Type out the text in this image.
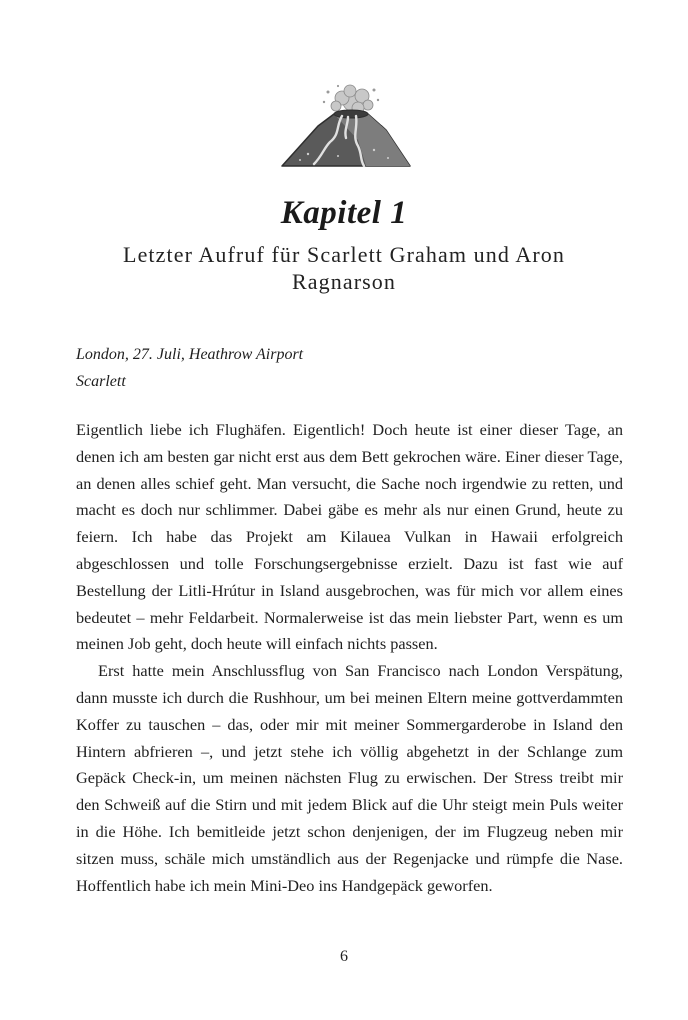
Kapitel 1
Letzter Aufruf für Scarlett Graham und Aron Ragnarson
London, 27. Juli, Heathrow Airport
Scarlett

Eigentlich liebe ich Flughäfen. Eigentlich! Doch heute ist einer dieser Tage, an denen ich am besten gar nicht erst aus dem Bett gekrochen wäre. Einer dieser Tage, an denen alles schief geht. Man versucht, die Sache noch irgendwie zu retten, und macht es doch nur schlimmer. Dabei gäbe es mehr als nur einen Grund, heute zu feiern. Ich habe das Projekt am Kilauea Vulkan in Hawaii erfolgreich abgeschlossen und tolle Forschungsergebnisse erzielt. Dazu ist fast wie auf Bestellung der Litli-Hrútur in Island ausgebrochen, was für mich vor allem eines bedeutet – mehr Feldarbeit. Normalerweise ist das mein liebster Part, wenn es um meinen Job geht, doch heute will einfach nichts passen.

Erst hatte mein Anschlussflug von San Francisco nach London Verspätung, dann musste ich durch die Rushhour, um bei meinen Eltern meine gottverdammten Koffer zu tauschen – das, oder mir mit meiner Sommergarderobe in Island den Hintern abfrieren –, und jetzt stehe ich völlig abgehetzt in der Schlange zum Gepäck Check-in, um meinen nächsten Flug zu erwischen. Der Stress treibt mir den Schweiß auf die Stirn und mit jedem Blick auf die Uhr steigt mein Puls weiter in die Höhe. Ich bemitleide jetzt schon denjenigen, der im Flugzeug neben mir sitzen muss, schäle mich umständlich aus der Regenjacke und rümpfe die Nase. Hoffentlich habe ich mein Mini-Deo ins Handgepäck geworfen.

6
